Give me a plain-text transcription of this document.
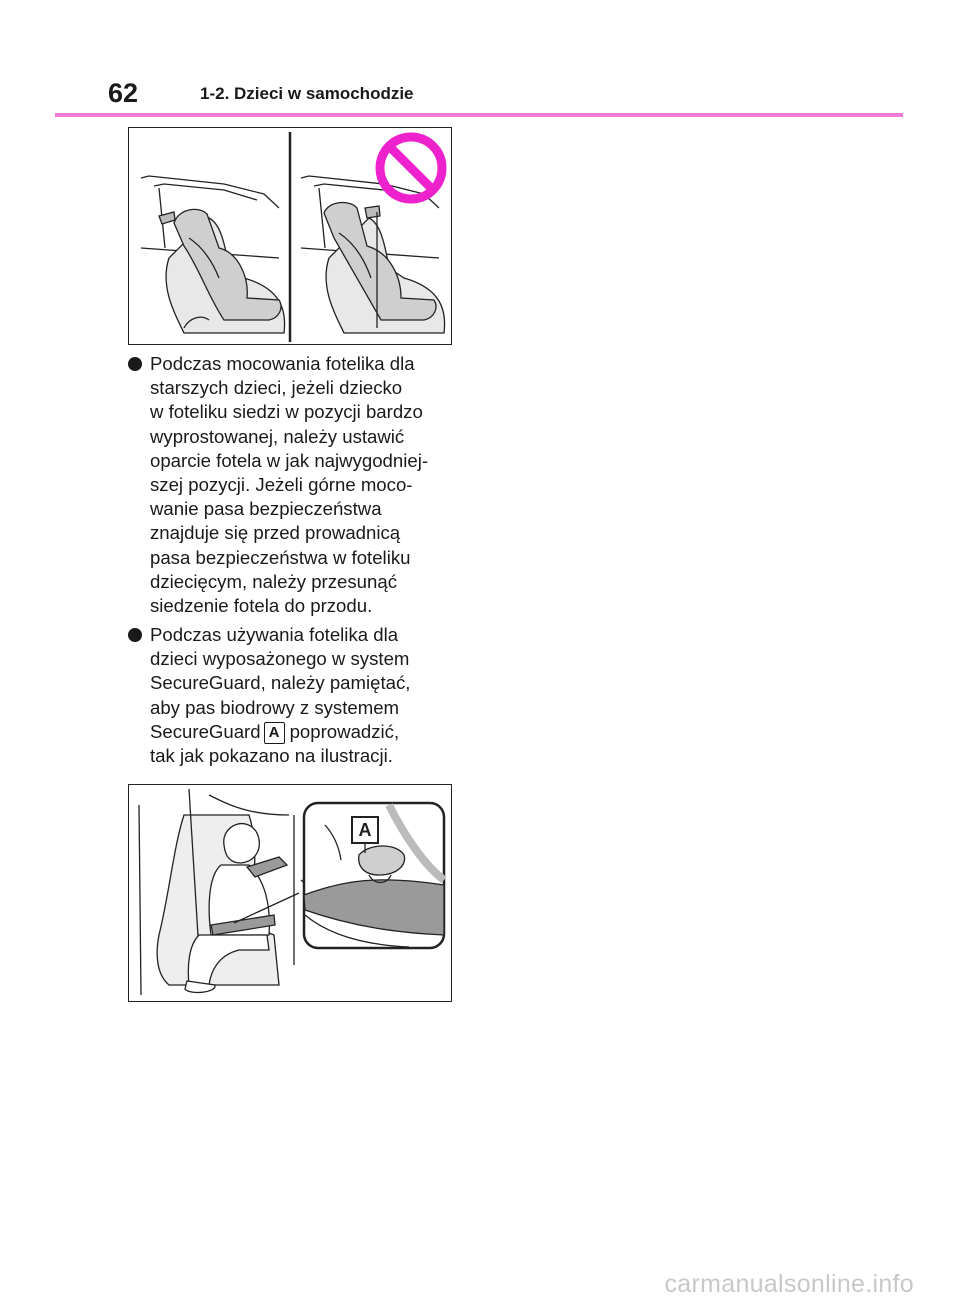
62	1-2. Dzieci w samochodzie
Podczas mocowania fotelika dla
starszych dzieci, jeżeli dziecko
w foteliku siedzi w pozycji bardzo
wyprostowanej, należy ustawić
oparcie fotela w jak najwygodniej-
szej pozycji. Jeżeli górne moco-
wanie pasa bezpieczeństwa
znajduje się przed prowadnicą
pasa bezpieczeństwa w foteliku
dziecięcym, należy przesunąć
siedzenie fotela do przodu.
Podczas używania fotelika dla
dzieci wyposażonego w system
SecureGuard, należy pamiętać,
aby pas biodrowy z systemem
SecureGuard A poprowadzić,
tak jak pokazano na ilustracji.
A
carmanualsonline.info
